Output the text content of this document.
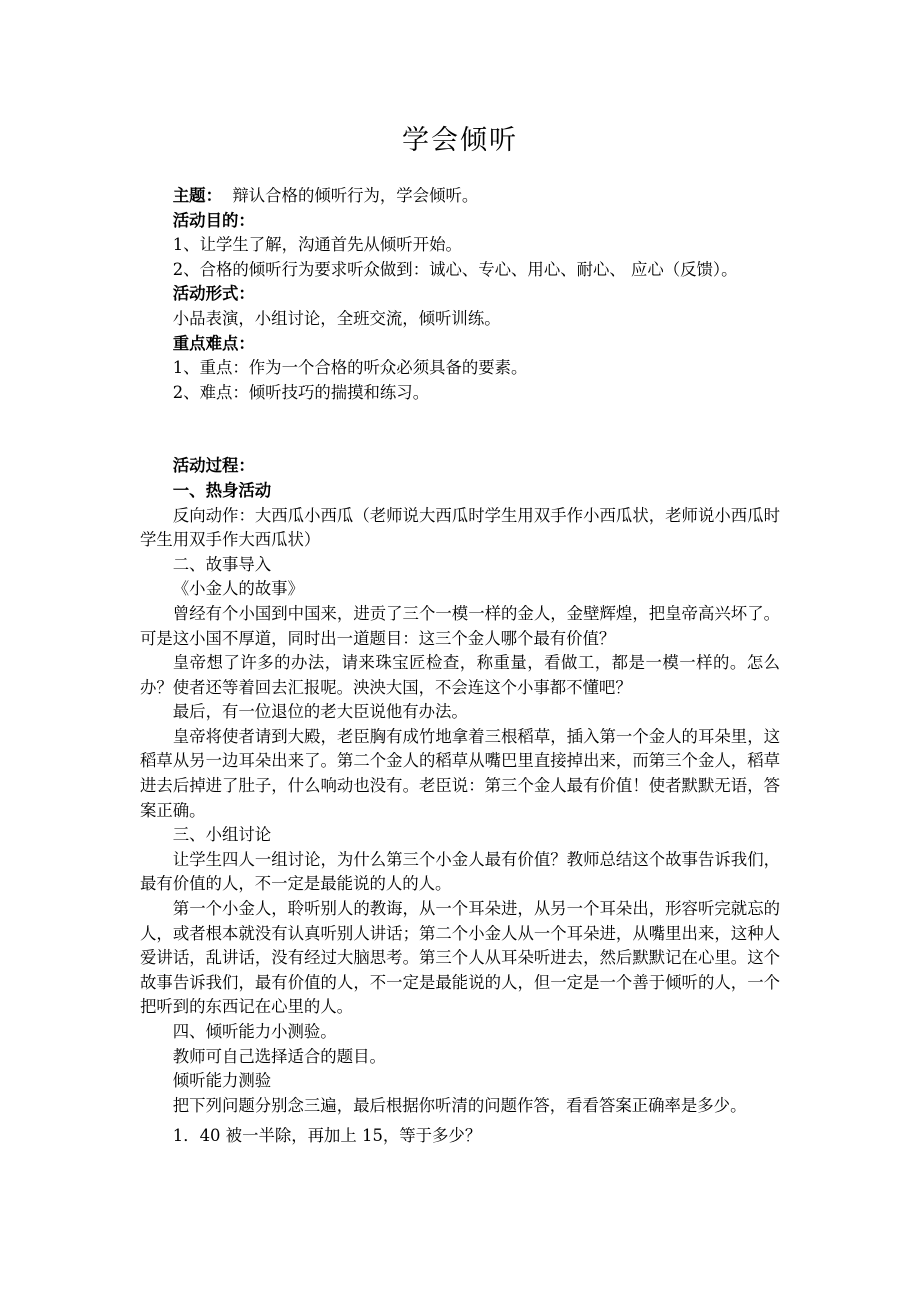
学会倾听

主题： 辩认合格的倾听行为，学会倾听。

活动目的：

1、让学生了解，沟通首先从倾听开始。

2、合格的倾听行为要求听众做到：诚心、专心、用心、耐心、 应心（反馈）。

活动形式：

小品表演，小组讨论，全班交流，倾听训练。

重点难点：

1、重点：作为一个合格的听众必须具备的要素。

2、难点：倾听技巧的揣摸和练习。

活动过程：

一、热身活动

反向动作：大西瓜小西瓜（老师说大西瓜时学生用双手作小西瓜状，老师说小西瓜时学生用双手作大西瓜状）

二、故事导入

《小金人的故事》

曾经有个小国到中国来，进贡了三个一模一样的金人，金壁辉煌，把皇帝高兴坏了。可是这小国不厚道，同时出一道题目：这三个金人哪个最有价值？

皇帝想了许多的办法，请来珠宝匠检查，称重量，看做工，都是一模一样的。怎么办？使者还等着回去汇报呢。泱泱大国，不会连这个小事都不懂吧？

最后，有一位退位的老大臣说他有办法。

皇帝将使者请到大殿，老臣胸有成竹地拿着三根稻草，插入第一个金人的耳朵里，这稻草从另一边耳朵出来了。第二个金人的稻草从嘴巴里直接掉出来，而第三个金人，稻草进去后掉进了肚子，什么响动也没有。老臣说：第三个金人最有价值！使者默默无语，答案正确。

三、小组讨论

让学生四人一组讨论，为什么第三个小金人最有价值？教师总结这个故事告诉我们，最有价值的人，不一定是最能说的人的人。

第一个小金人，聆听别人的教诲，从一个耳朵进，从另一个耳朵出，形容听完就忘的人，或者根本就没有认真听别人讲话；第二个小金人从一个耳朵进，从嘴里出来，这种人爱讲话，乱讲话，没有经过大脑思考。第三个人从耳朵听进去，然后默默记在心里。这个故事告诉我们，最有价值的人，不一定是最能说的人，但一定是一个善于倾听的人，一个把听到的东西记在心里的人。

四、倾听能力小测验。

教师可自己选择适合的题目。

倾听能力测验

把下列问题分别念三遍，最后根据你听清的问题作答，看看答案正确率是多少。

1．40 被一半除，再加上 15，等于多少？
